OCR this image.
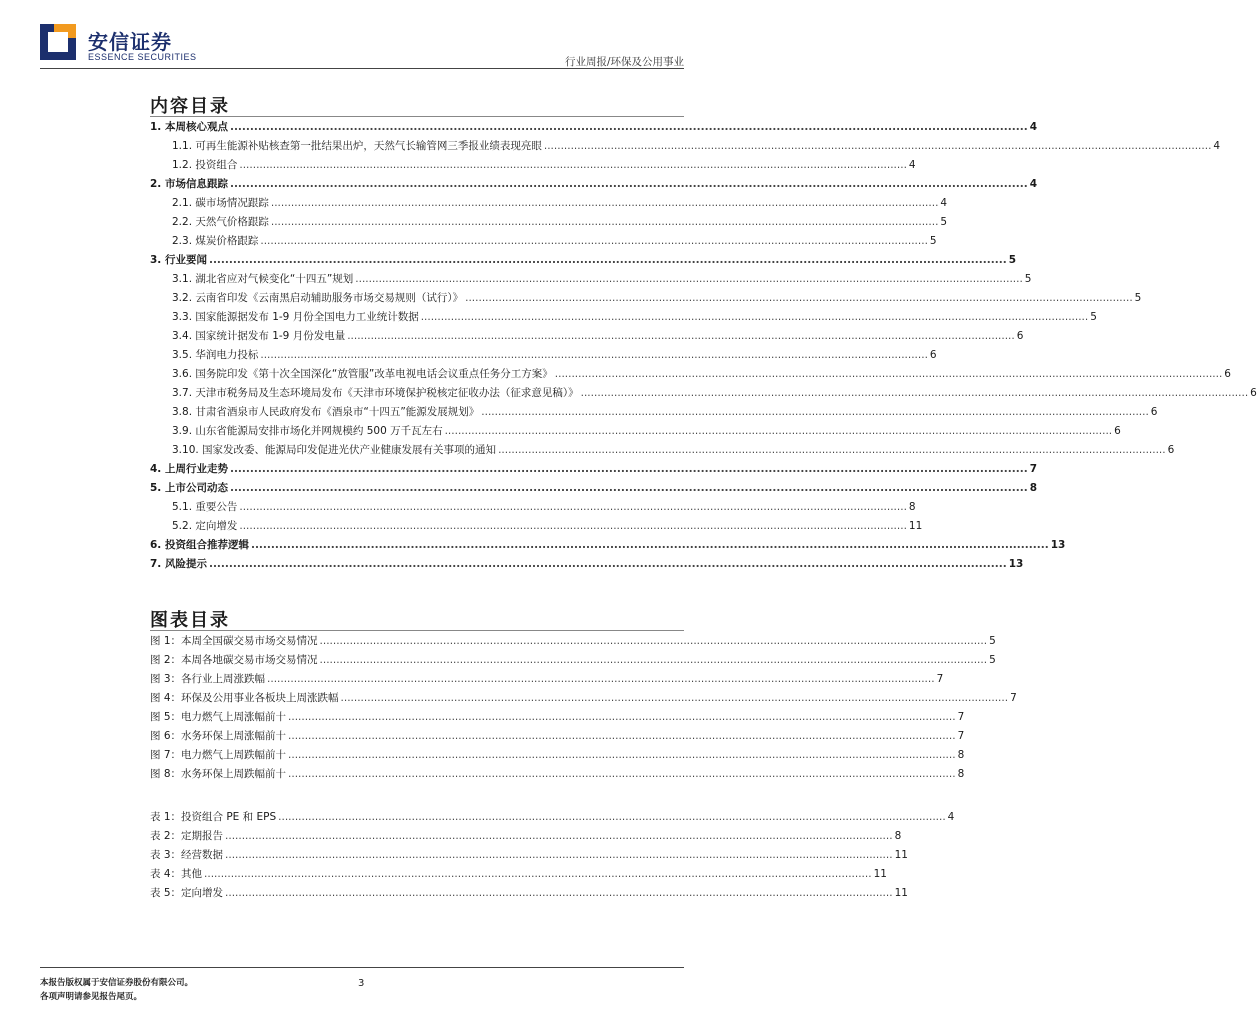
安信证券
ESSENCE SECURITIES	行业周报/环保及公用事业
内容目录
1. 本周核心观点 .....	4
1.1. 可再生能源补贴核查第一批结果出炉，天然气长输管网三季报业绩表现亮眼 .....	4
1.2. 投资组合 .....	4
2. 市场信息跟踪 .....	4
2.1. 碳市场情况跟踪 .....	4
2.2. 天然气价格跟踪 .....	5
2.3. 煤炭价格跟踪 .....	5
3. 行业要闻 .....	5
3.1. 湖北省应对气候变化“十四五”规划 .....	5
3.2. 云南省印发《云南黑启动辅助服务市场交易规则（试行）》 .....	5
3.3. 国家能源据发布 1-9 月份全国电力工业统计数据 .....	5
3.4. 国家统计据发布 1-9 月份发电量 .....	6
3.5. 华润电力投标 .....	6
3.6. 国务院印发《第十次全国深化“放管服”改革电视电话会议重点任务分工方案》 .....	6
3.7. 天津市税务局及生态环境局发布《天津市环境保护税核定征收办法（征求意见稿）》 .....	6
3.8. 甘肃省酒泉市人民政府发布《酒泉市“十四五”能源发展规划》 .....	6
3.9. 山东省能源局安排市场化并网规模约 500 万千瓦左右 .....	6
3.10. 国家发改委、能源局印发促进光伏产业健康发展有关事项的通知 .....	6
4. 上周行业走势 .....	7
5. 上市公司动态 .....	8
5.1. 重要公告 .....	8
5.2. 定向增发 .....	11
6. 投资组合推荐逻辑 .....	13
7. 风险提示 .....	13
图表目录
图 1：本周全国碳交易市场交易情况 .....	5
图 2：本周各地碳交易市场交易情况 .....	5
图 3：各行业上周涨跌幅 .....	7
图 4：环保及公用事业各板块上周涨跌幅 .....	7
图 5：电力燃气上周涨幅前十 .....	7
图 6：水务环保上周涨幅前十 .....	7
图 7：电力燃气上周跌幅前十 .....	8
图 8：水务环保上周跌幅前十 .....	8
表 1：投资组合 PE 和 EPS .....	4
表 2：定期报告 .....	8
表 3：经营数据 .....	11
表 4：其他 .....	11
表 5：定向增发 .....	11
本报告版权属于安信证券股份有限公司。
各项声明请参见报告尾页。
3
